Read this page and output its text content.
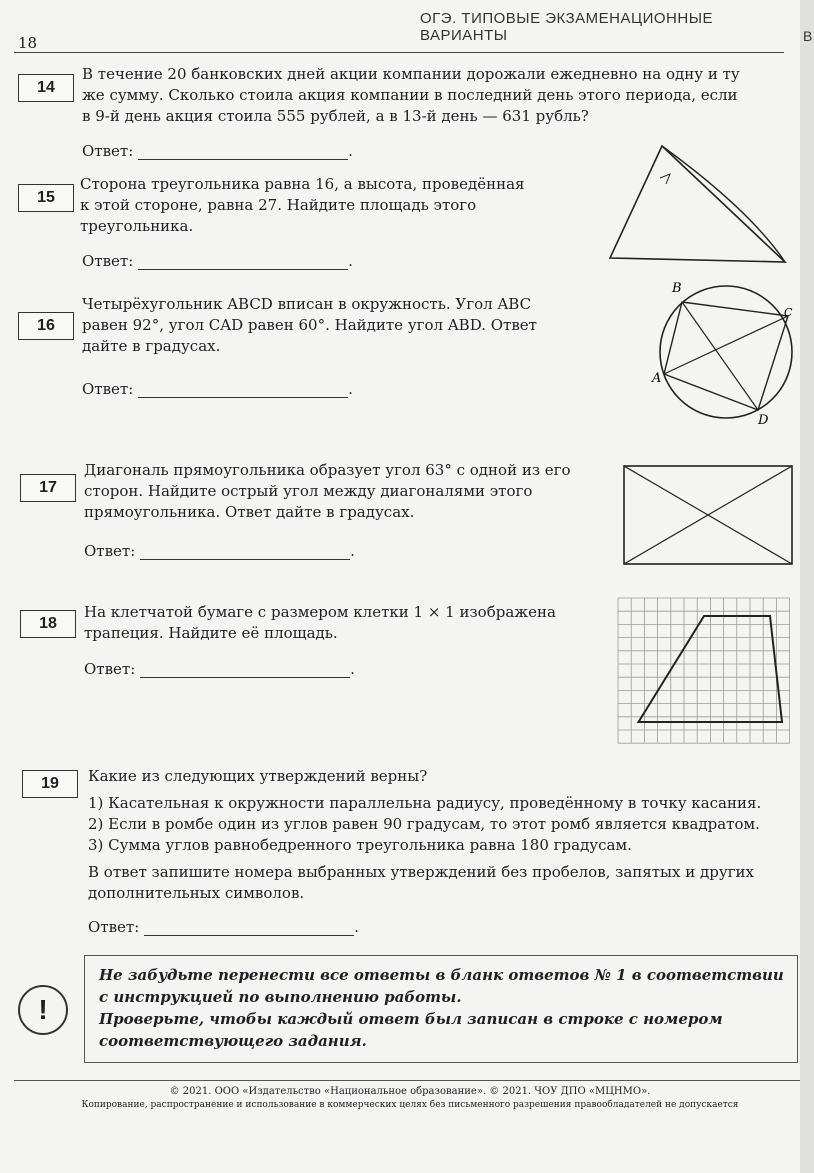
ОГЭ. ТИПОВЫЕ ЭКЗАМЕНАЦИОННЫЕ ВАРИАНТЫ
18
14
В течение 20 банковских дней акции компании дорожали ежедневно на одну и ту
же сумму. Сколько стоила акция компании в последний день этого периода, если
в 9-й день акция стоила 555 рублей, а в 13-й день — 631 рубль?
Ответ:	.
15
Сторона треугольника равна 16, а высота, проведённая
к этой стороне, равна 27. Найдите площадь этого
треугольника.
Ответ:	.
16
Четырёхугольник ABCD вписан в окружность. Угол ABC
равен 92°, угол CAD равен 60°. Найдите угол ABD. Ответ
дайте в градусах.
Ответ:	.
B
C
A
D
17
Диагональ прямоугольника образует угол 63° с одной из его
сторон. Найдите острый угол между диагоналями этого
прямоугольника. Ответ дайте в градусах.
Ответ:	.
18
На клетчатой бумаге с размером клетки 1 × 1 изображена
трапеция. Найдите её площадь.
Ответ:	.
19	Какие из следующих утверждений верны?
1) Касательная к окружности параллельна радиусу, проведённому в точку касания.
2) Если в ромбе один из углов равен 90 градусам, то этот ромб является квадратом.
3) Сумма углов равнобедренного треугольника равна 180 градусам.
В ответ запишите номера выбранных утверждений без пробелов, запятых и других
дополнительных символов.
Ответ:	.
!
Не забудьте перенести все ответы в бланк ответов № 1 в соответствии
с инструкцией по выполнению работы.
Проверьте, чтобы каждый ответ был записан в строке с номером
соответствующего задания.
© 2021. ООО «Издательство «Национальное образование». © 2021. ЧОУ ДПО «МЦНМО».
Копирование, распространение и использование в коммерческих целях без письменного разрешения правообладателей не допускается
В
